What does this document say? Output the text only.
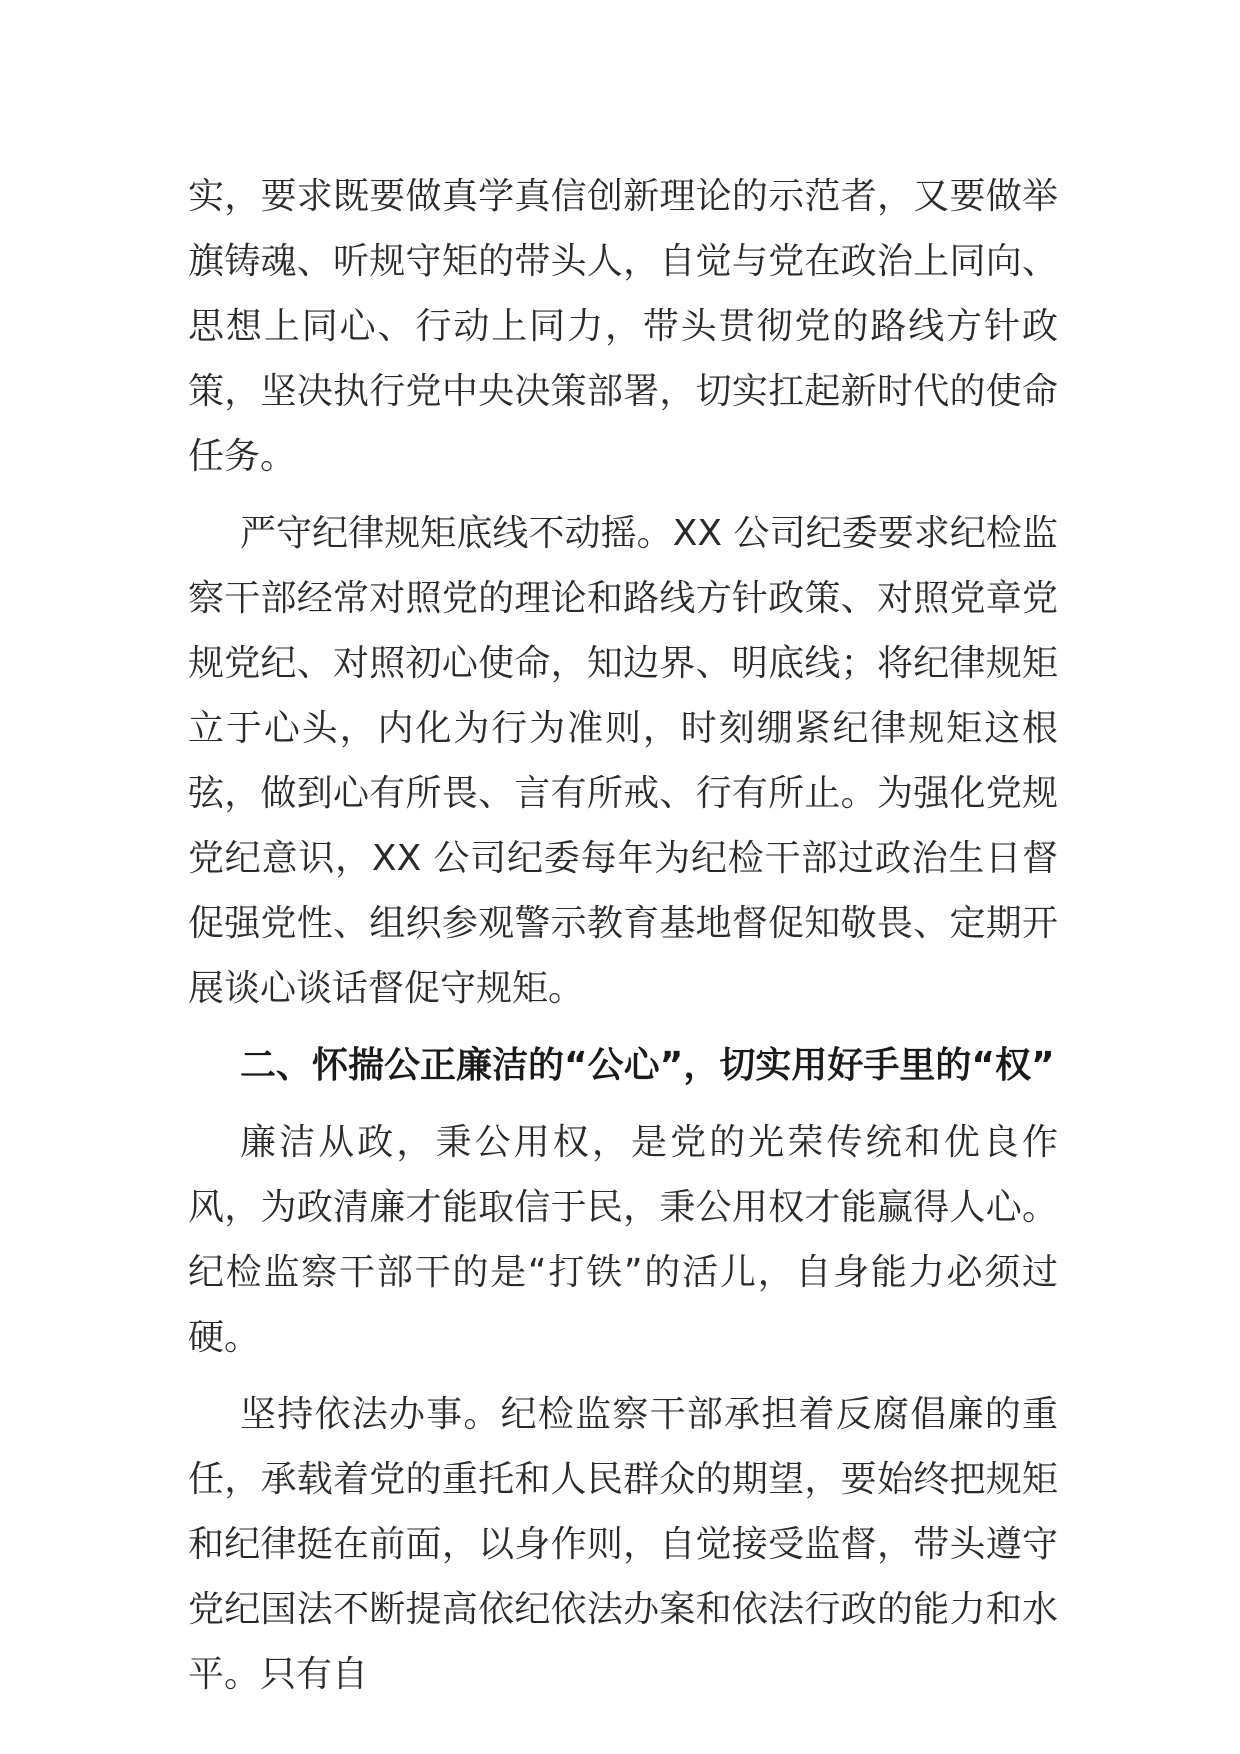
实，要求既要做真学真信创新理论的示范者，又要做举旗铸魂、听规守矩的带头人，自觉与党在政治上同向、思想上同心、行动上同力，带头贯彻党的路线方针政策，坚决执行党中央决策部署，切实扛起新时代的使命任务。

严守纪律规矩底线不动摇。XX 公司纪委要求纪检监察干部经常对照党的理论和路线方针政策、对照党章党规党纪、对照初心使命，知边界、明底线；将纪律规矩立于心头，内化为行为准则，时刻绷紧纪律规矩这根弦，做到心有所畏、言有所戒、行有所止。为强化党规党纪意识，XX 公司纪委每年为纪检干部过政治生日督促强党性、组织参观警示教育基地督促知敬畏、定期开展谈心谈话督促守规矩。

二、怀揣公正廉洁的“公心”，切实用好手里的“权”

廉洁从政，秉公用权，是党的光荣传统和优良作风，为政清廉才能取信于民，秉公用权才能赢得人心。纪检监察干部干的是“打铁”的活儿，自身能力必须过硬。

坚持依法办事。纪检监察干部承担着反腐倡廉的重任，承载着党的重托和人民群众的期望，要始终把规矩和纪律挺在前面，以身作则，自觉接受监督，带头遵守党纪国法不断提高依纪依法办案和依法行政的能力和水平。只有自
